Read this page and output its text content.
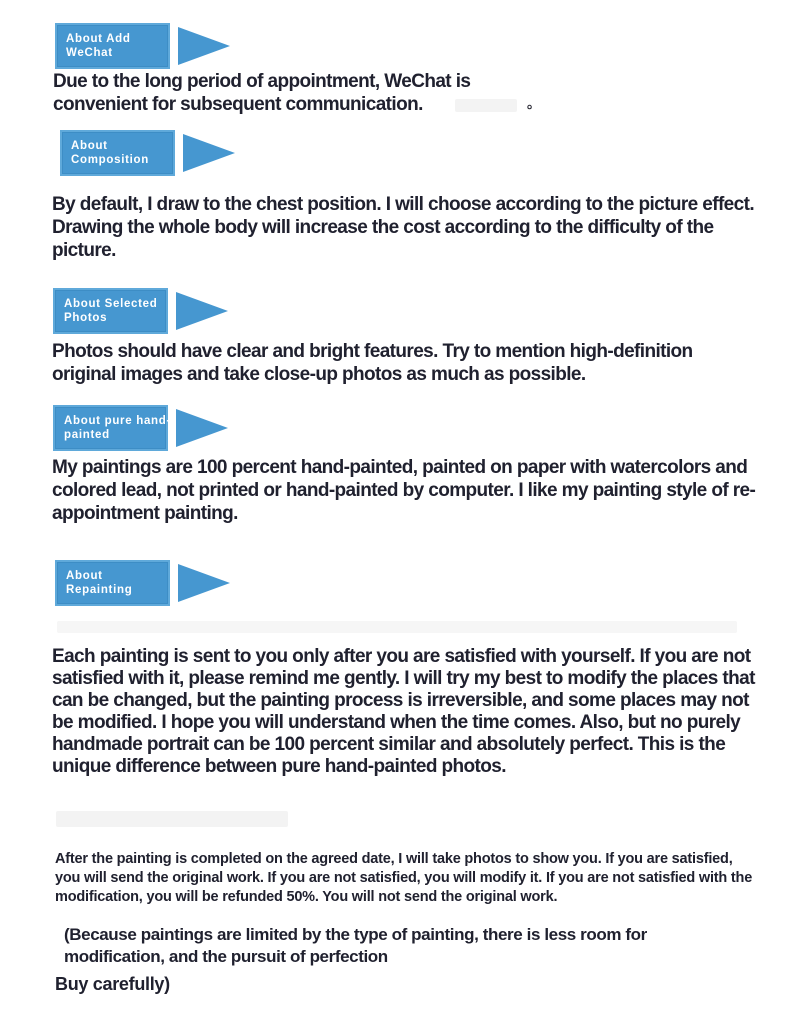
About Add
WeChat

Due to the long period of appointment, WeChat is convenient for subsequent communication.	。
About
Composition

By default, I draw to the chest position. I will choose according to the picture effect. Drawing the whole body will increase the cost according to the difficulty of the picture.

About Selected
Photos

Photos should have clear and bright features. Try to mention high-definition original images and take close-up photos as much as possible.

About pure hand-
painted

My paintings are 100 percent hand-painted, painted on paper with watercolors and colored lead, not printed or hand-painted by computer. I like my painting style of re-appointment painting.

About
Repainting

Each painting is sent to you only after you are satisfied with yourself. If you are not satisfied with it, please remind me gently. I will try my best to modify the places that can be changed, but the painting process is irreversible, and some places may not be modified. I hope you will understand when the time comes. Also, but no purely handmade portrait can be 100 percent similar and absolutely perfect. This is the unique difference between pure hand-painted photos.

After the painting is completed on the agreed date, I will take photos to show you. If you are satisfied, you will send the original work. If you are not satisfied, you will modify it. If you are not satisfied with the modification, you will be refunded 50%. You will not send the original work.

(Because paintings are limited by the type of painting, there is less room for modification, and the pursuit of perfection

Buy carefully)
